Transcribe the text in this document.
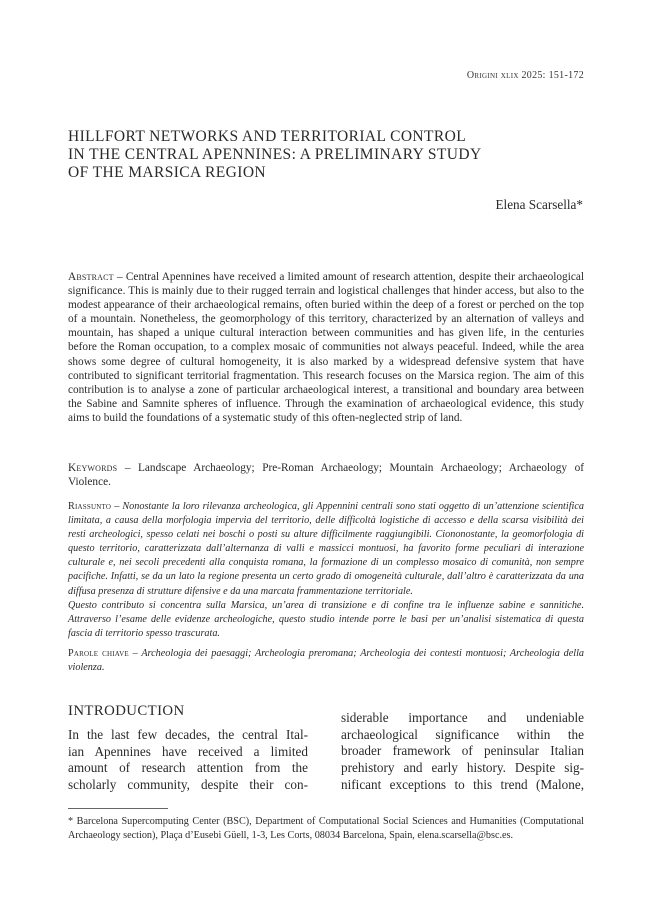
Origini xlix 2025: 151-172
HILLFORT NETWORKS AND TERRITORIAL CONTROL
IN THE CENTRAL APENNINES: A PRELIMINARY STUDY
OF THE MARSICA REGION
Elena Scarsella*
Abstract – Central Apennines have received a limited amount of research attention, despite their archaeological significance. This is mainly due to their rugged terrain and logistical challenges that hinder access, but also to the modest appearance of their archaeological remains, often buried within the deep of a forest or perched on the top of a mountain. Nonetheless, the geomorphology of this territory, characterized by an alternation of valleys and mountain, has shaped a unique cultural interaction between communities and has given life, in the centuries before the Roman occupation, to a complex mosaic of communities not always peaceful. Indeed, while the area shows some degree of cultural homogeneity, it is also marked by a widespread defensive system that have contributed to significant territorial fragmentation. This research focuses on the Marsica region. The aim of this contribution is to analyse a zone of particular archaeological interest, a transitional and boundary area between the Sabine and Samnite spheres of influence. Through the examination of archaeological evidence, this study aims to build the foundations of a systematic study of this often-neglected strip of land.
Keywords – Landscape Archaeology; Pre-Roman Archaeology; Mountain Archaeology; Archaeology of Violence.

Riassunto – Nonostante la loro rilevanza archeologica, gli Appennini centrali sono stati oggetto di un’attenzione scientifica limitata, a causa della morfologia impervia del territorio, delle difficoltà logistiche di accesso e della scarsa visibilità dei resti archeologici, spesso celati nei boschi o posti su alture difficilmente raggiungibili. Ciononostante, la geomorfologia di questo territorio, caratterizzata dall’alternanza di valli e massicci montuosi, ha favorito forme peculiari di interazione culturale e, nei secoli precedenti alla conquista romana, la formazione di un complesso mosaico di comunità, non sempre pacifiche. Infatti, se da un lato la regione presenta un certo grado di omogeneità culturale, dall’altro è caratterizzata da una diffusa presenza di strutture difensive e da una marcata frammentazione territoriale.

Questo contributo si concentra sulla Marsica, un’area di transizione e di confine tra le influenze sabine e sannitiche. Attraverso l’esame delle evidenze archeologiche, questo studio intende porre le basi per un’analisi sistematica di questa fascia di territorio spesso trascurata.

Parole chiave – Archeologia dei paesaggi; Archeologia preromana; Archeologia dei contesti montuosi; Archeologia della violenza.
INTRODUCTION
In the last few decades, the central Ital-
ian Apennines have received a limited
amount of research attention from the
scholarly community, despite their con-
siderable importance and undeniable
archaeological significance within the
broader framework of peninsular Italian
prehistory and early history. Despite sig-
nificant exceptions to this trend (Malone,
* Barcelona Supercomputing Center (BSC), Department of Computational Social Sciences and Humanities (Computational Archaeology section), Plaça d’Eusebi Güell, 1-3, Les Corts, 08034 Barcelona, Spain, elena.scarsella@bsc.es.
